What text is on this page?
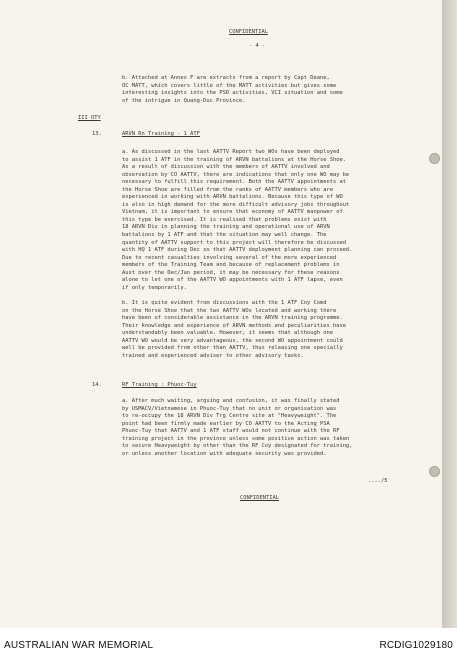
CONFIDENTIAL
- 4 -
b. Attached at Annex F are extracts from a report by Capt Deane,
OC MATT, which covers little of the MATT activities but gives some
interesting insights into the PSD activities, VCI situation and some
of the intrigue in Quang-Duc Province.
III OTY
13.	ARVN Rn Training - 1 ATF
a. As discussed in the last AATTV Report two WOs have been deployed
to assist 1 ATF in the training of ARVN battalions at the Horse Shoe.
As a result of discussion with the members of AATTV involved and
observation by CO AATTV, there are indications that only one WO may be
necessary to fulfill this requirement. Both the AATTV appointments at
the Horse Shoe are filled from the ranks of AATTV members who are
experienced in working with ARVN battalions. Because this type of WO
is also in high demand for the more difficult advisory jobs throughout
Vietnam, it is important to ensure that economy of AATTV manpower of
this type be exercised. It is realised that problems exist with
18 ARVN Div in planning the training and operational use of ARVN
battalions by 1 ATF and that the situation may well change. The
quantity of AATTV support to this project will therefore be discussed
with HQ 1 ATF during Dec so that AATTV deployment planning can proceed.
Due to recent casualties involving several of the more experienced
members of the Training Team and because of replacement problems in
Aust over the Dec/Jan period, it may be necessary for these reasons
alone to let one of the AATTV WO appointments with 1 ATF lapse, even
if only temporarily.
b. It is quite evident from discussions with the 1 ATF Coy Comd
on the Horse Shoe that the two AATTV WOs located and working there
have been of considerable assistance in the ARVN training programme.
Their knowledge and experience of ARVN methods and peculiarities have
understandably been valuable. However, it seems that although one
AATTV WO would be very advantageous, the second WO appointment could
well be provided from other than AATTV, thus releasing one specially
trained and experienced adviser to other advisory tasks.
14.	RF Training : Phuoc-Tuy
a. After much waiting, arguing and confusion, it was finally stated
by USMACV/Vietnamese in Phuoc-Tuy that no unit or organisation was
to re-occupy the 18 ARVN Div Trg Centre site at "Heavyweight". The
point had been firmly made earlier by CO AATTV to the Acting PSA
Phuoc-Tuy that AATTV and 1 ATF staff would not continue with the RF
training project in the province unless some positive action was taken
to secure Heavyweight by other than the RF Coy designated for training,
or unless another location with adequate security was provided.
..../5
CONFIDENTIAL
AUSTRALIAN WAR MEMORIAL	RCDIG1029180
